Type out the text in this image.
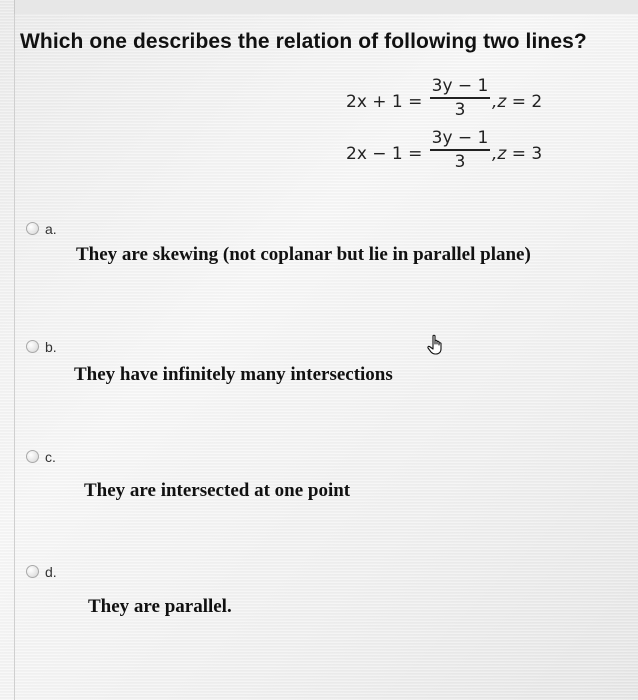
Which one describes the relation of following two lines?
2x + 1 =
3y − 1
3	,z = 2
2x − 1 =
3y − 1
3	,z = 3
a.
They are skewing (not coplanar but lie in parallel plane)
b.
They have infinitely many intersections
c.
They are intersected at one point
d.
They are parallel.
